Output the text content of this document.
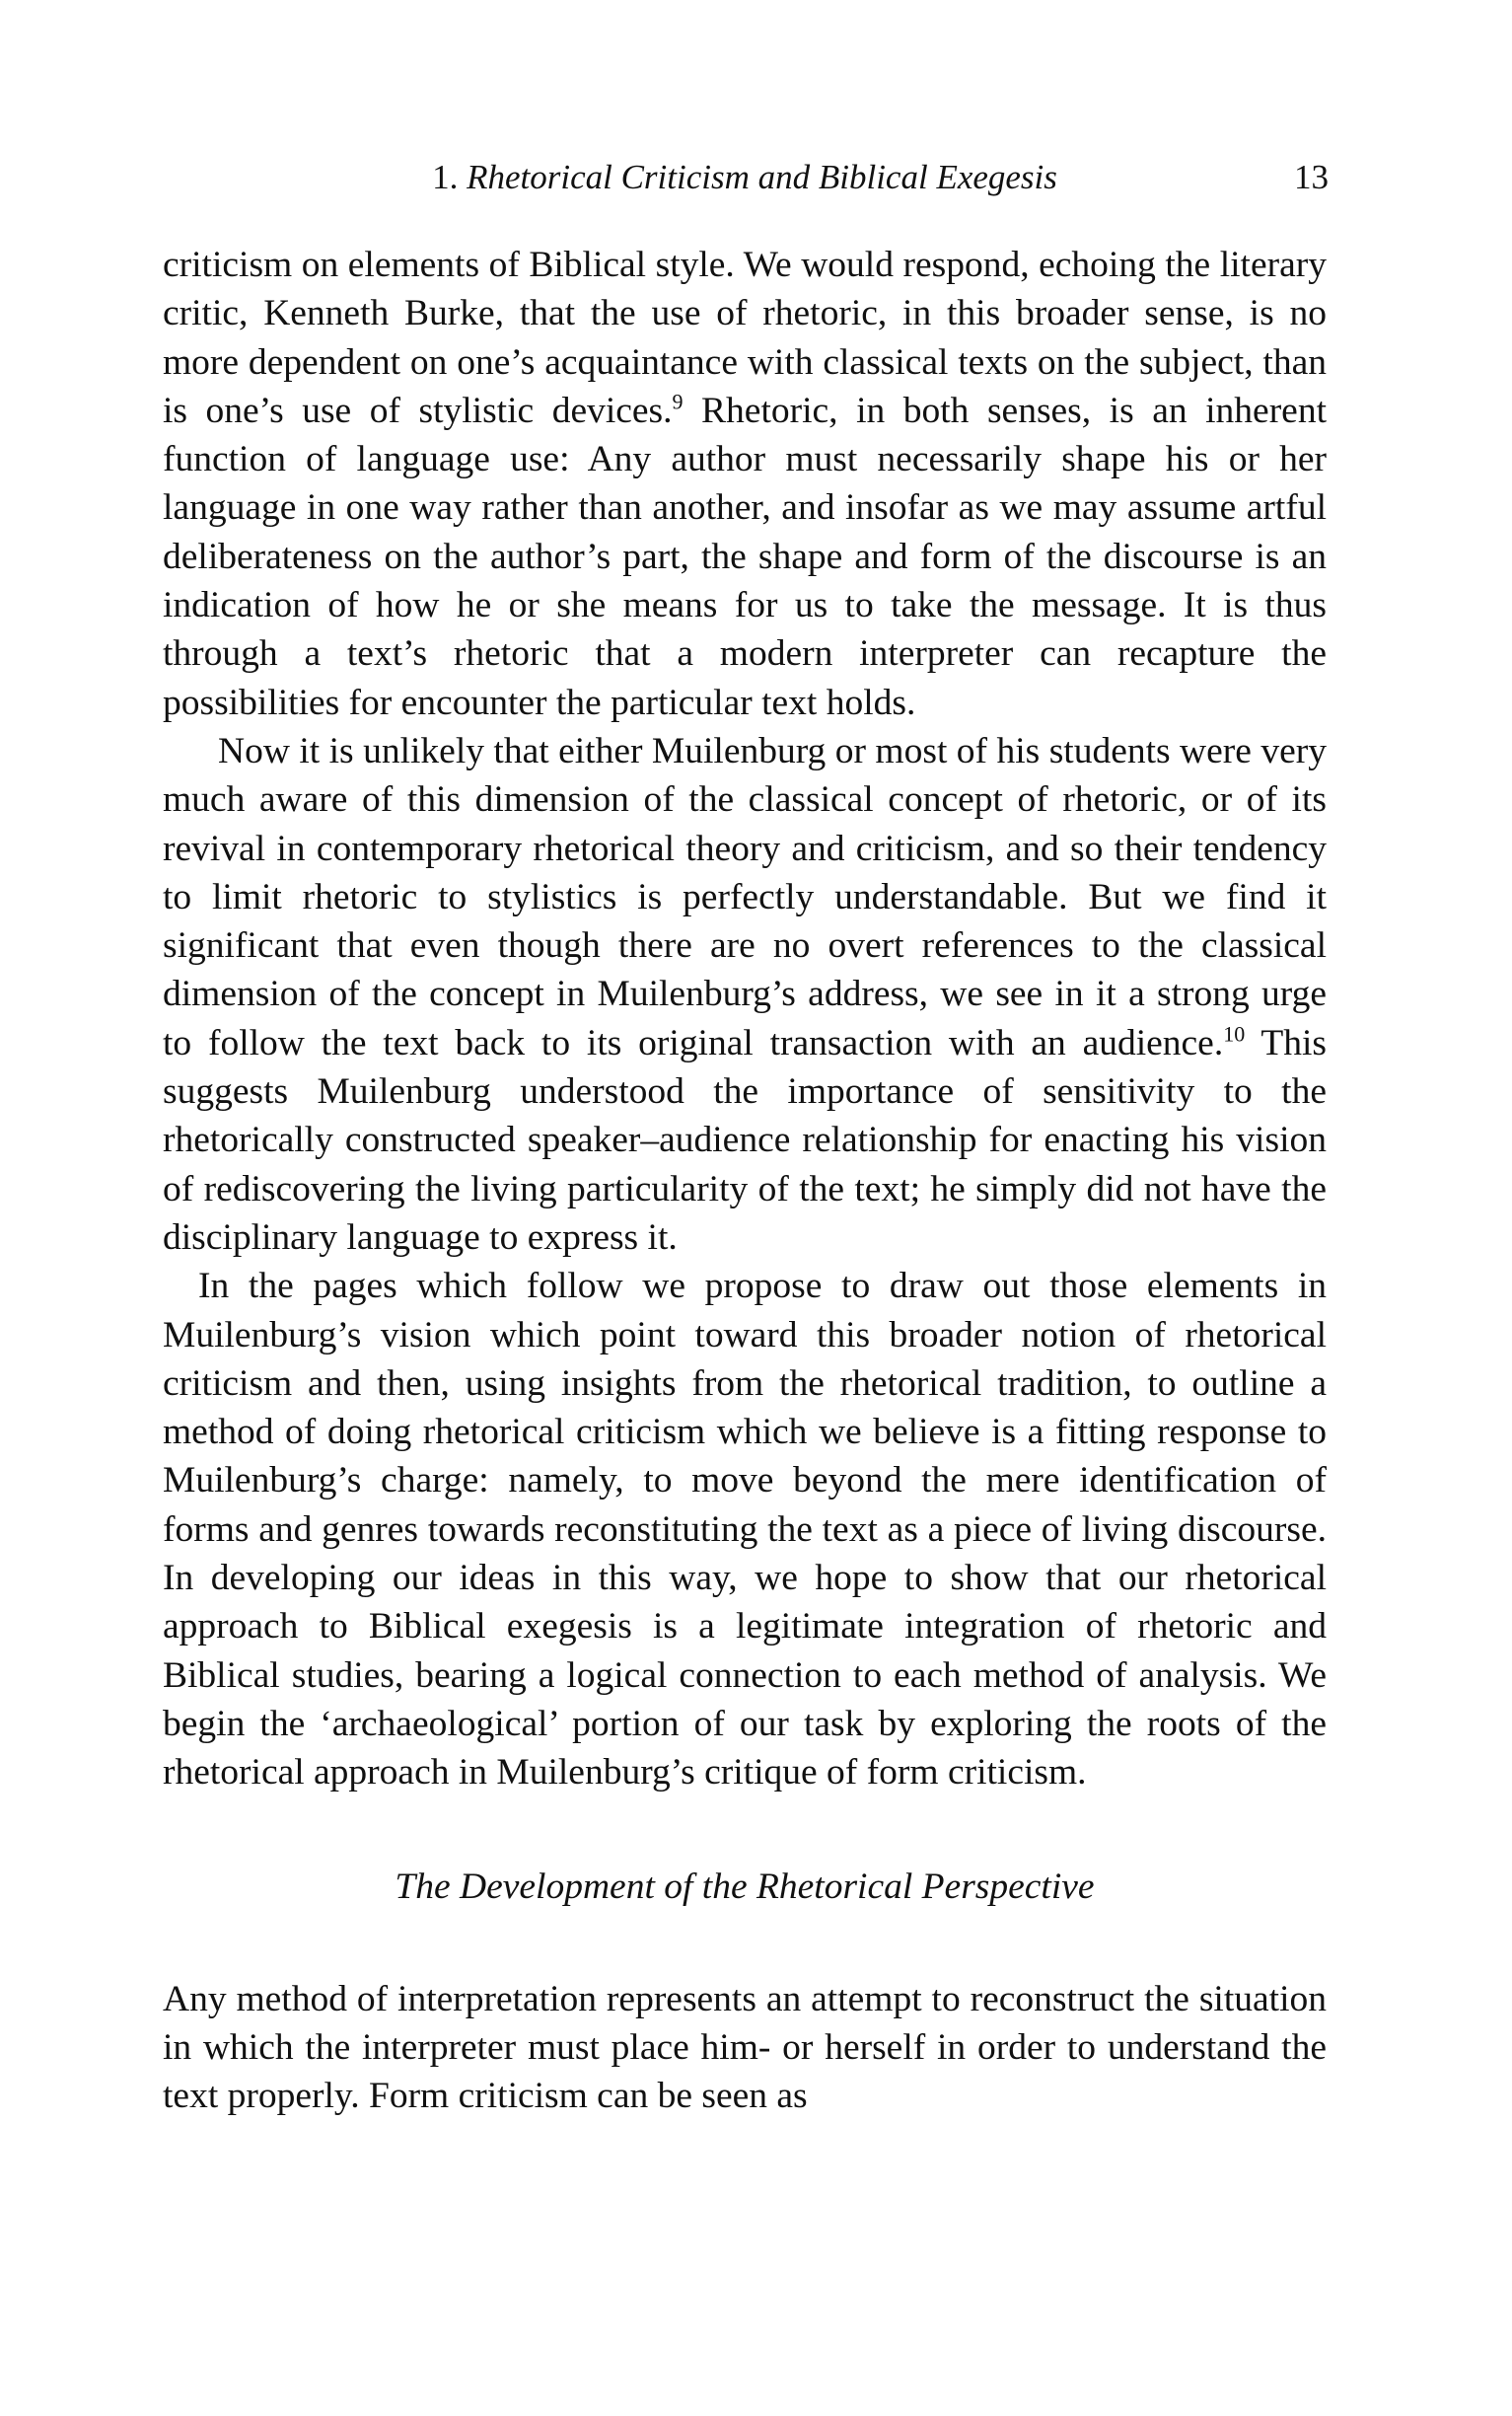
1. Rhetorical Criticism and Biblical Exegesis	13

criticism on elements of Biblical style. We would respond, echoing the literary critic, Kenneth Burke, that the use of rhetoric, in this broader sense, is no more dependent on one’s acquaintance with classical texts on the subject, than is one’s use of stylistic devices.$^9$ Rhetoric, in both senses, is an inherent function of language use: Any author must necessarily shape his or her language in one way rather than another, and insofar as we may assume artful deliberateness on the author’s part, the shape and form of the discourse is an indication of how he or she means for us to take the message. It is thus through a text’s rhetoric that a modern interpreter can recapture the possibilities for encounter the particular text holds.

Now it is unlikely that either Muilenburg or most of his students were very much aware of this dimension of the classical concept of rhetoric, or of its revival in contemporary rhetorical theory and criticism, and so their tendency to limit rhetoric to stylistics is perfectly understandable. But we find it significant that even though there are no overt references to the classical dimension of the concept in Muilenburg’s address, we see in it a strong urge to follow the text back to its original transaction with an audience.$^{10}$ This suggests Muilenburg understood the importance of sensitivity to the rhetorically constructed speaker–audience relationship for enacting his vision of rediscovering the living particularity of the text; he simply did not have the disciplinary language to express it.

In the pages which follow we propose to draw out those elements in Muilenburg’s vision which point toward this broader notion of rhetorical criticism and then, using insights from the rhetorical tradition, to outline a method of doing rhetorical criticism which we believe is a fitting response to Muilenburg’s charge: namely, to move beyond the mere identification of forms and genres towards reconstituting the text as a piece of living discourse. In developing our ideas in this way, we hope to show that our rhetorical approach to Biblical exegesis is a legitimate integration of rhetoric and Biblical studies, bearing a logical connection to each method of analysis. We begin the ‘archaeological’ portion of our task by exploring the roots of the rhetorical approach in Muilenburg’s critique of form criticism.

The Development of the Rhetorical Perspective

Any method of interpretation represents an attempt to reconstruct the situation in which the interpreter must place him- or herself in order to understand the text properly. Form criticism can be seen as
